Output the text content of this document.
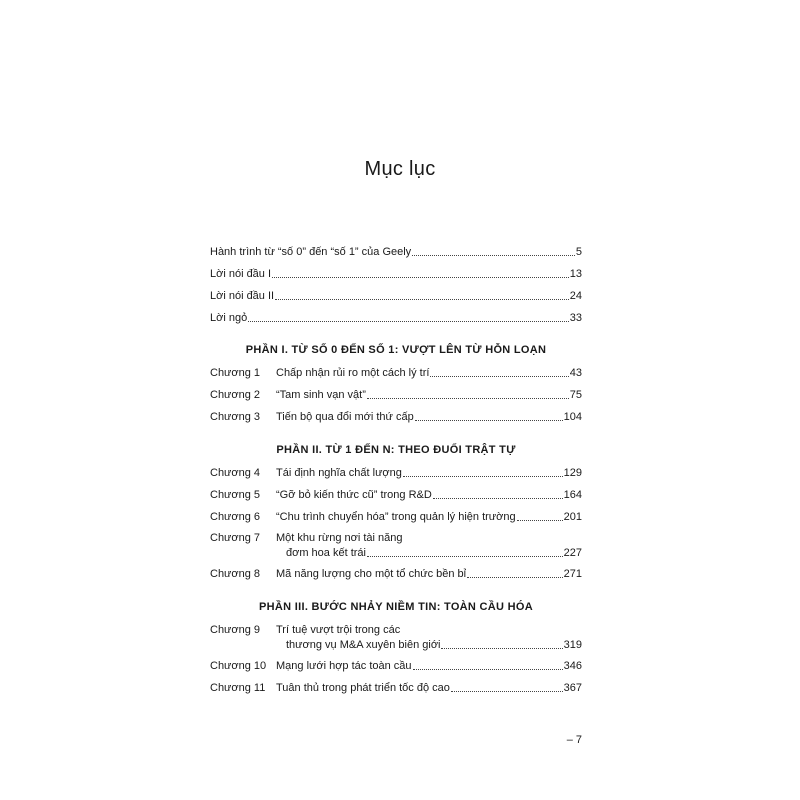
Mục lục
Hành trình từ “số 0” đến “số 1” của Geely	5
Lời nói đầu I	13
Lời nói đầu II	24
Lời ngỏ	33
PHẦN I. TỪ SỐ 0 ĐẾN SỐ 1: VƯỢT LÊN TỪ HỖN LOẠN
Chương 1 Chấp nhận rủi ro một cách lý trí	43
Chương 2 “Tam sinh vạn vật”	75
Chương 3 Tiến bộ qua đổi mới thứ cấp	104
PHẦN II. TỪ 1 ĐẾN N: THEO ĐUỔI TRẬT TỰ
Chương 4 Tái định nghĩa chất lượng	129
Chương 5 “Gỡ bỏ kiến thức cũ” trong R&D	164
Chương 6 “Chu trình chuyển hóa” trong quản lý hiện trường	201
Chương 7 Một khu rừng nơi tài năng
đơm hoa kết trái	227
Chương 8 Mã năng lượng cho một tổ chức bền bỉ	271
PHẦN III. BƯỚC NHẢY NIỀM TIN: TOÀN CẦU HÓA
Chương 9 Trí tuệ vượt trội trong các
thương vụ M&A xuyên biên giới	319
Chương 10 Mạng lưới hợp tác toàn cầu	346
Chương 11 Tuân thủ trong phát triển tốc độ cao	367
– 7
